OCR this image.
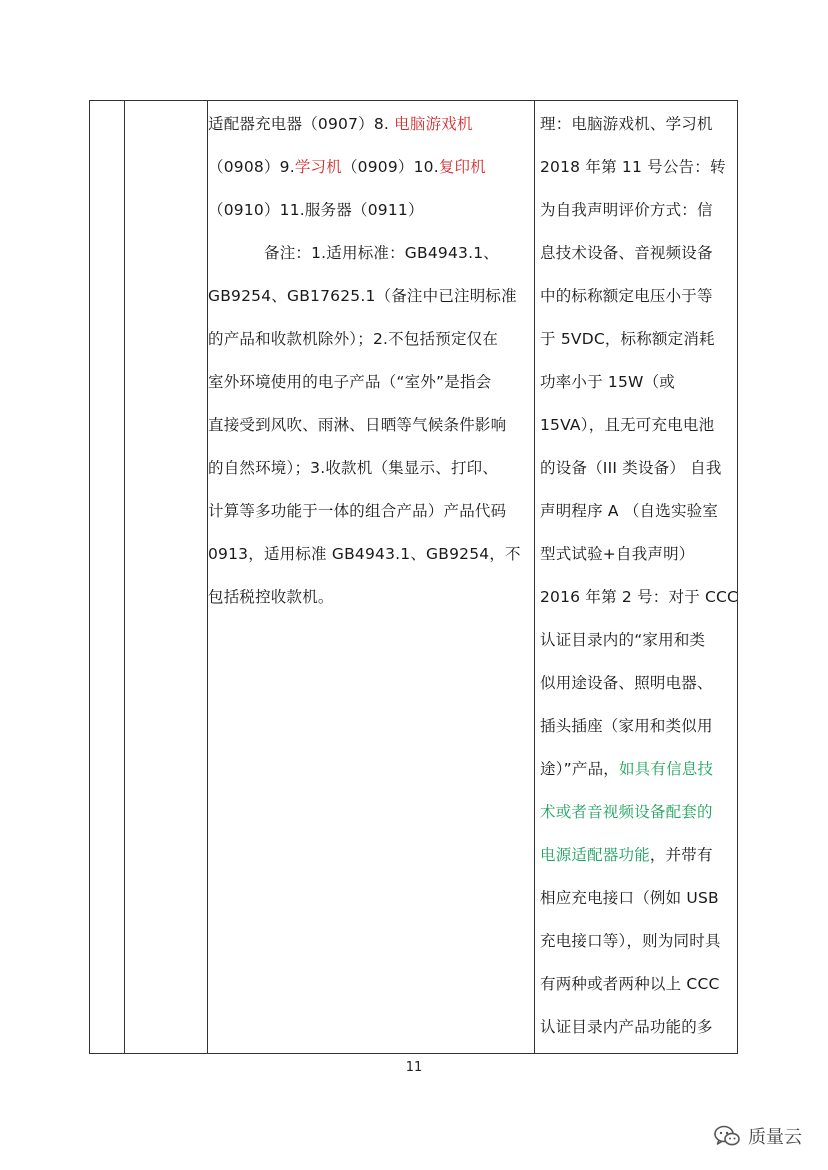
适配器充电器（0907）8. 电脑游戏机
（0908）9.学习机（0909）10.复印机
（0910）11.服务器（0911）
备注：1.适用标准：GB4943.1、
GB9254、GB17625.1（备注中已注明标准
的产品和收款机除外）；2.不包括预定仅在
室外环境使用的电子产品（“室外”是指会
直接受到风吹、雨淋、日晒等气候条件影响
的自然环境）；3.收款机（集显示、打印、
计算等多功能于一体的组合产品）产品代码
0913，适用标准 GB4943.1、GB9254，不
包括税控收款机。
理：电脑游戏机、学习机
2018 年第 11 号公告：转
为自我声明评价方式：信
息技术设备、音视频设备
中的标称额定电压小于等
于 5VDC，标称额定消耗
功率小于 15W（或
15VA），且无可充电电池
的设备（III 类设备） 自我
声明程序 A （自选实验室
型式试验+自我声明）
2016 年第 2 号：对于 CCC
认证目录内的“家用和类
似用途设备、照明电器、
插头插座（家用和类似用
途）”产品，如具有信息技
术或者音视频设备配套的
电源适配器功能，并带有
相应充电接口（例如 USB
充电接口等），则为同时具
有两种或者两种以上 CCC
认证目录内产品功能的多
11
质量云
